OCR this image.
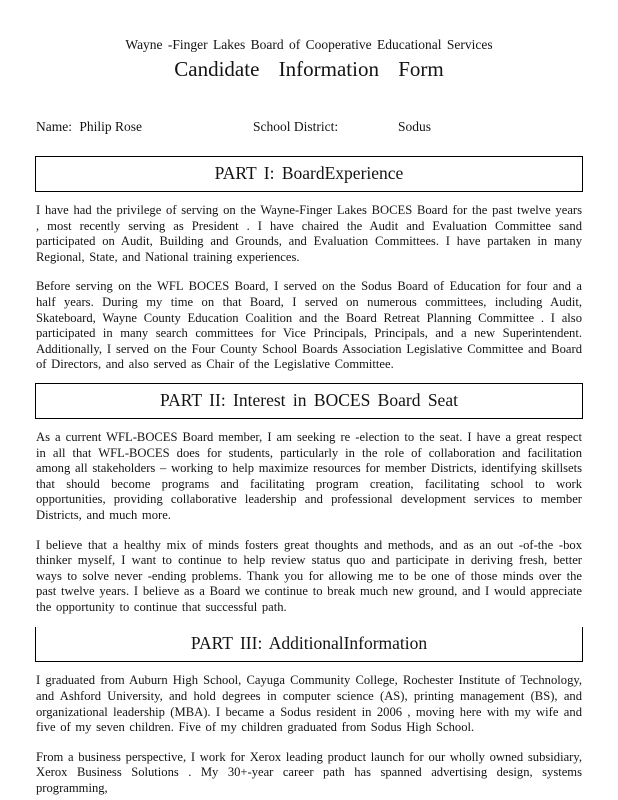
Wayne -Finger Lakes Board of Cooperative Educational Services
Candidate Information Form
Name: Philip Rose	School District:	Sodus
PART I: BoardExperience

I have had the privilege of serving on the Wayne-Finger Lakes BOCES Board for the past twelve years , most recently serving as President . I have chaired the Audit and Evaluation Committee sand participated on Audit, Building and Grounds, and Evaluation Committees. I have partaken in many Regional, State, and National training experiences.

Before serving on the WFL BOCES Board, I served on the Sodus Board of Education for four and a half years. During my time on that Board, I served on numerous committees, including Audit, Skateboard, Wayne County Education Coalition and the Board Retreat Planning Committee . I also participated in many search committees for Vice Principals, Principals, and a new Superintendent. Additionally, I served on the Four County School Boards Association Legislative Committee and Board of Directors, and also served as Chair of the Legislative Committee.

PART II: Interest in BOCES Board Seat

As a current WFL-BOCES Board member, I am seeking re -election to the seat. I have a great respect in all that WFL-BOCES does for students, particularly in the role of collaboration and facilitation among all stakeholders – working to help maximize resources for member Districts, identifying skillsets that should become programs and facilitating program creation, facilitating school to work opportunities, providing collaborative leadership and professional development services to member Districts, and much more.

I believe that a healthy mix of minds fosters great thoughts and methods, and as an out -of-the -box thinker myself, I want to continue to help review status quo and participate in deriving fresh, better ways to solve never -ending problems. Thank you for allowing me to be one of those minds over the past twelve years. I believe as a Board we continue to break much new ground, and I would appreciate the opportunity to continue that successful path.

PART III: AdditionalInformation

I graduated from Auburn High School, Cayuga Community College, Rochester Institute of Technology, and Ashford University, and hold degrees in computer science (AS), printing management (BS), and organizational leadership (MBA). I became a Sodus resident in 2006 , moving here with my wife and five of my seven children. Five of my children graduated from Sodus High School.

From a business perspective, I work for Xerox leading product launch for our wholly owned subsidiary, Xerox Business Solutions . My 30+-year career path has spanned advertising design, systems programming,
